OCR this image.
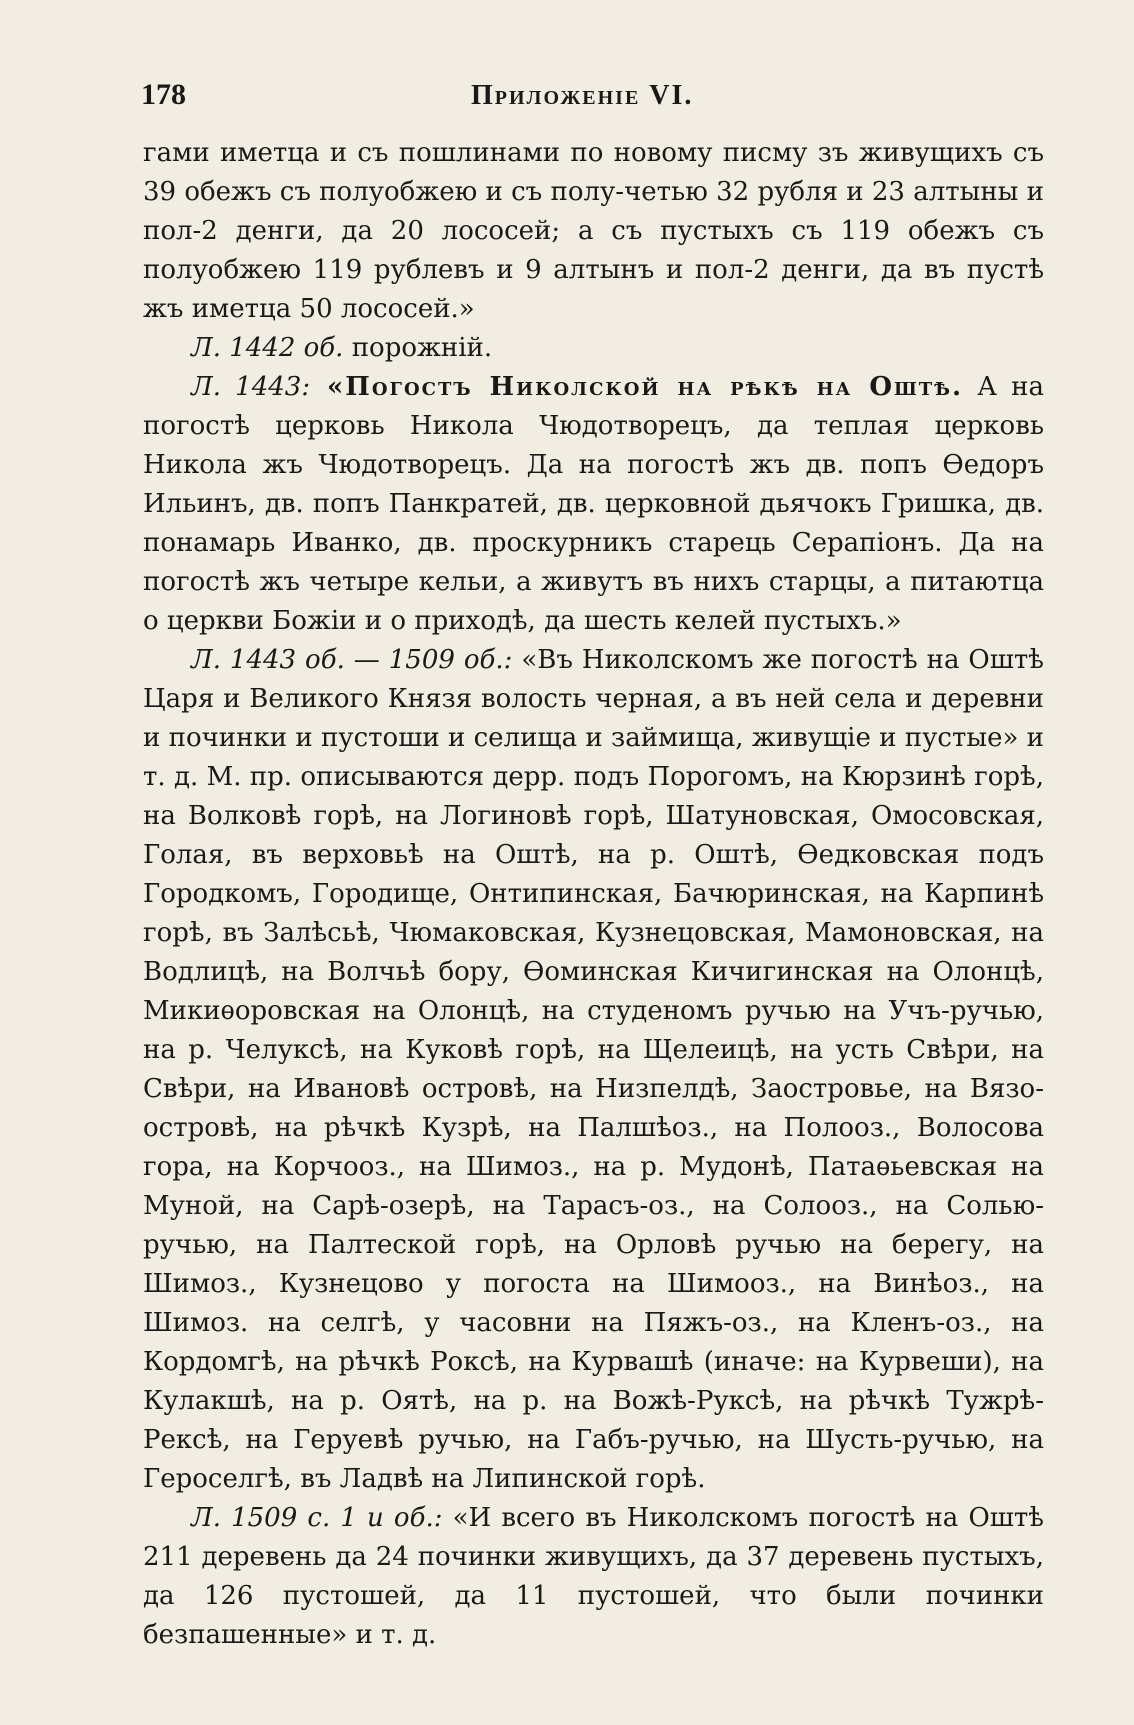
178	Приложеніе VI.

гами иметца и съ пошлинами по новому писму зъ живущихъ съ 39 обежъ съ полуобжею и съ полу-четью 32 рубля и 23 алтыны и пол-2 денги, да 20 лососей; а съ пустыхъ съ 119 обежъ съ полуобжею 119 рублевъ и 9 алтынъ и пол-2 денги, да въ пустѣ жъ иметца 50 лососей.»

Л. 1442 об. порожній.

Л. 1443: «Погостъ Николской на рѣкѣ на Оштѣ. А на погостѣ церковь Никола Чюдотворецъ, да теплая церковь Никола жъ Чюдотворецъ. Да на погостѣ жъ дв. попъ Ѳедоръ Ильинъ, дв. попъ Панкратей, дв. церковной дьячокъ Гришка, дв. понамарь Иванко, дв. проскурникъ старець Серапіонъ. Да на погостѣ жъ четыре кельи, а живутъ въ нихъ старцы, а питаютца о церкви Божіи и о приходѣ, да шесть келей пустыхъ.»

Л. 1443 об. — 1509 об.: «Въ Николскомъ же погостѣ на Оштѣ Царя и Великого Князя волость черная, а въ ней села и деревни и починки и пустоши и селища и займища, живущіе и пустые» и т. д. М. пр. описываются дерр. подъ Порогомъ, на Кюрзинѣ горѣ, на Волковѣ горѣ, на Логиновѣ горѣ, Шатуновская, Омосовская, Голая, въ верховьѣ на Оштѣ, на р. Оштѣ, Ѳедковская подъ Городкомъ, Городище, Онтипинская, Бачюринская, на Карпинѣ горѣ, въ Залѣсьѣ, Чюмаковская, Кузнецовская, Мамоновская, на Водлицѣ, на Волчьѣ бору, Ѳоминская Кичигинская на Олонцѣ, Микиѳоровская на Олонцѣ, на студеномъ ручью на Учъ-ручью, на р. Челуксѣ, на Куковѣ горѣ, на Щелеицѣ, на усть Свѣри, на Свѣри, на Ивановѣ островѣ, на Низпелдѣ, Заостровье, на Вязо-островѣ, на рѣчкѣ Кузрѣ, на Палшѣоз., на Полооз., Волосова гора, на Корчооз., на Шимоз., на р. Мудонѣ, Патаѳьевская на Муной, на Сарѣ-озерѣ, на Тарасъ-оз., на Солооз., на Солью-ручью, на Палтеской горѣ, на Орловѣ ручью на берегу, на Шимоз., Кузнецово у погоста на Шимооз., на Винѣоз., на Шимоз. на селгѣ, у часовни на Пяжъ-оз., на Кленъ-оз., на Кордомгѣ, на рѣчкѣ Роксѣ, на Курвашѣ (иначе: на Курвеши), на Кулакшѣ, на р. Оятѣ, на р. на Вожѣ-Руксѣ, на рѣчкѣ Тужрѣ-Рексѣ, на Геруевѣ ручью, на Габъ-ручью, на Шусть-ручью, на Героселгѣ, въ Ладвѣ на Липинской горѣ.

Л. 1509 с. 1 и об.: «И всего въ Николскомъ погостѣ на Оштѣ 211 деревень да 24 починки живущихъ, да 37 деревень пустыхъ, да 126 пустошей, да 11 пустошей, что были починки безпашенные» и т. д.
